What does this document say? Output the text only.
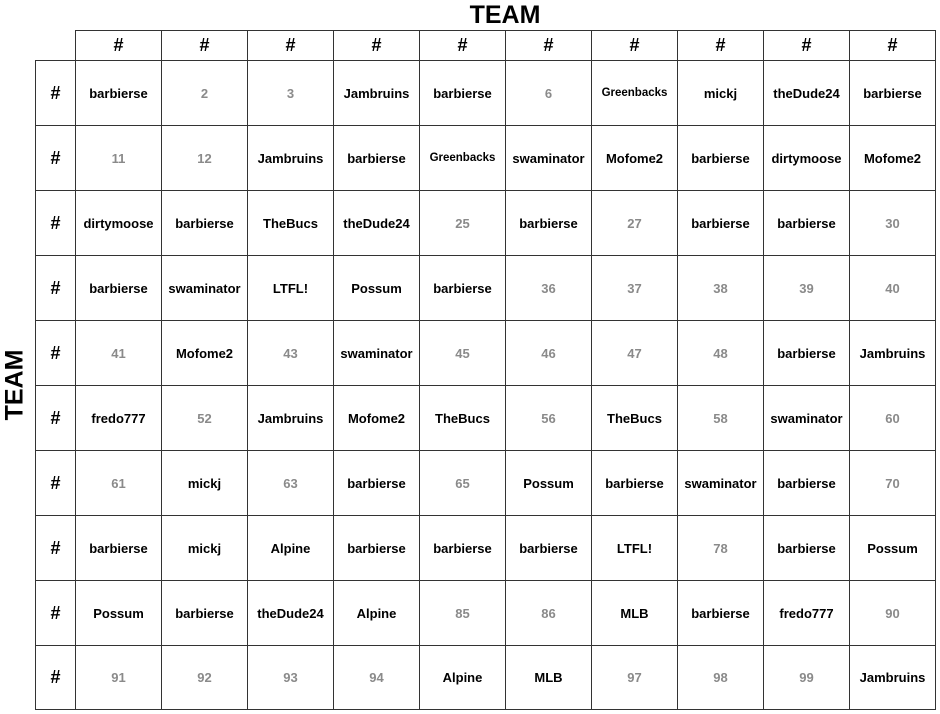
TEAM
TEAM
#	#	#	#	#	#	#	#	#	#
#	barbierse	2	3	Jambruins	barbierse	6	Greenbacks	mickj	theDude24	barbierse
#	11	12	Jambruins	barbierse	Greenbacks	swaminator	Mofome2	barbierse	dirtymoose	Mofome2
#	dirtymoose	barbierse	TheBucs	theDude24	25	barbierse	27	barbierse	barbierse	30
#	barbierse	swaminator	LTFL!	Possum	barbierse	36	37	38	39	40
#	41	Mofome2	43	swaminator	45	46	47	48	barbierse	Jambruins
#	fredo777	52	Jambruins	Mofome2	TheBucs	56	TheBucs	58	swaminator	60
#	61	mickj	63	barbierse	65	Possum	barbierse	swaminator	barbierse	70
#	barbierse	mickj	Alpine	barbierse	barbierse	barbierse	LTFL!	78	barbierse	Possum
#	Possum	barbierse	theDude24	Alpine	85	86	MLB	barbierse	fredo777	90
#	91	92	93	94	Alpine	MLB	97	98	99	Jambruins
